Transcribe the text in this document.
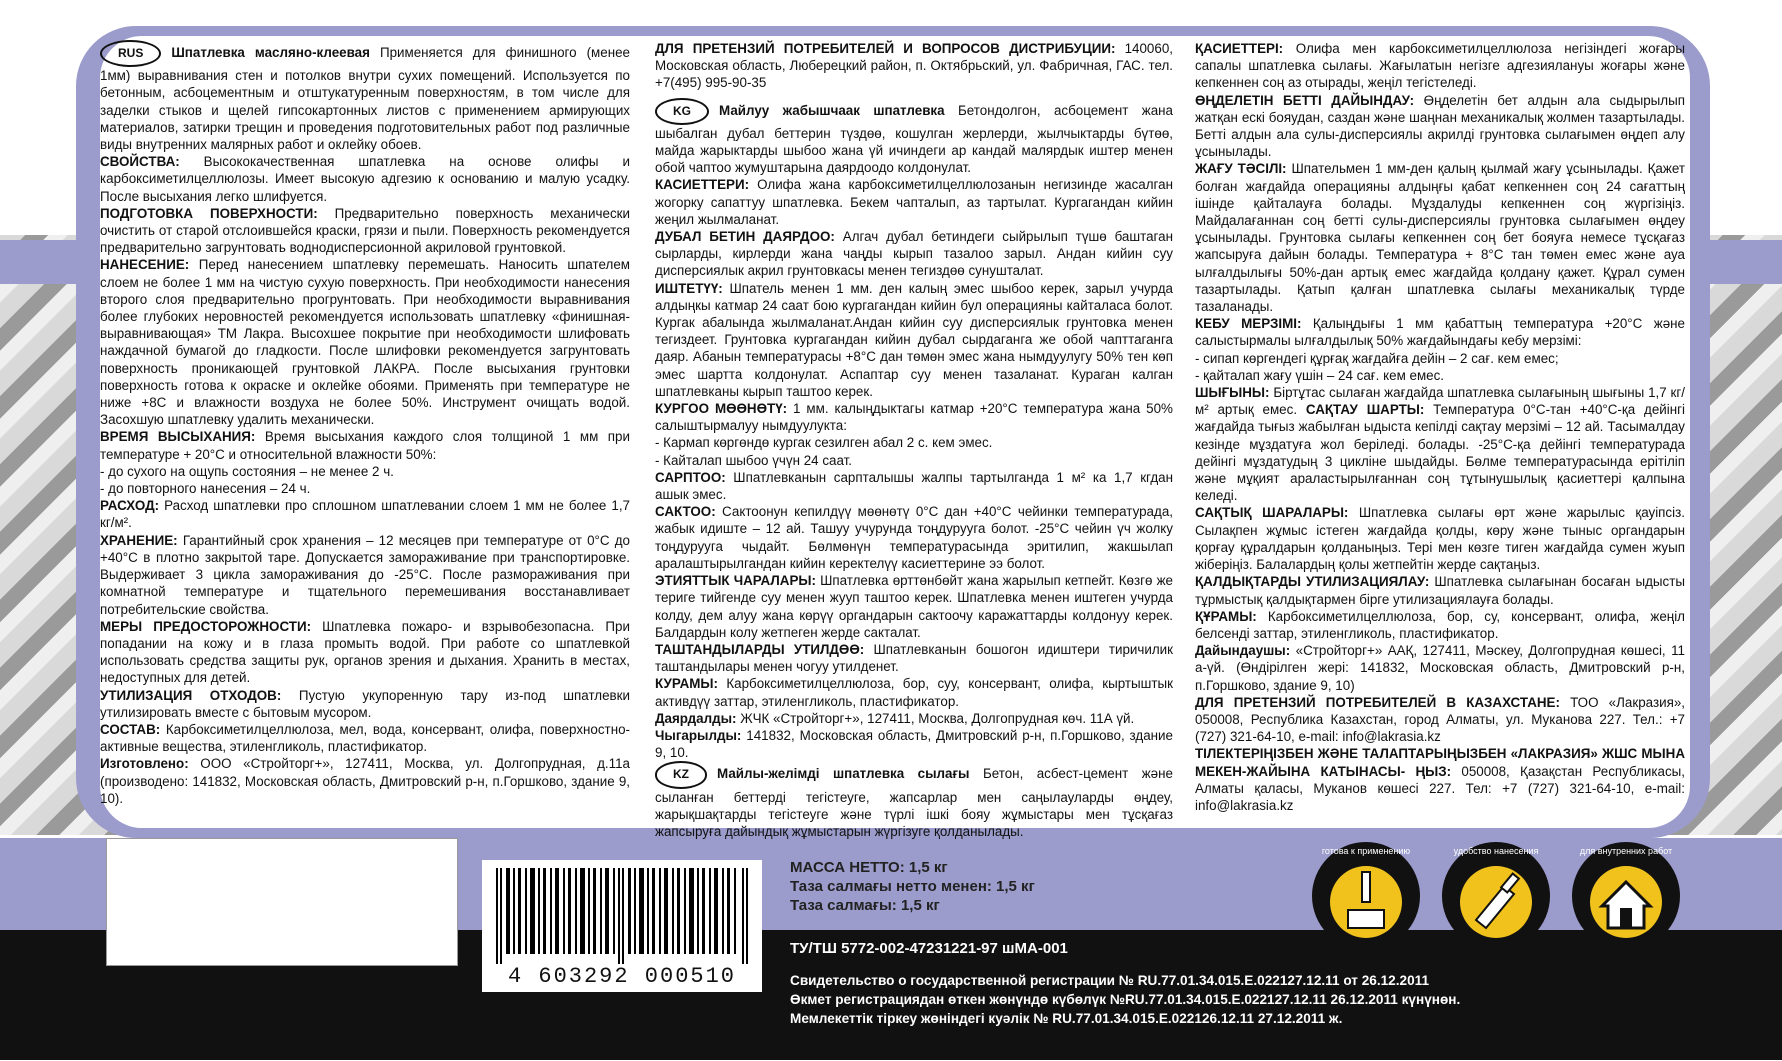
RUS Шпатлевка масляно-клеевая Применяется для финишного (менее 1мм) выравнивания стен и потолков внутри сухих помещений. Используется по бетонным, асбоцементным и отштукатуренным поверхностям, в том числе для заделки стыков и щелей гипсокартонных листов с применением армирующих материалов, затирки трещин и проведения подготовительных работ под различные виды внутренних малярных работ и оклейку обоев.

СВОЙСТВА: Высококачественная шпатлевка на основе олифы и карбоксиметилцеллюлозы. Имеет высокую адгезию к основанию и малую усадку. После высыхания легко шлифуется.

ПОДГОТОВКА ПОВЕРХНОСТИ: Предварительно поверхность механически очистить от старой отслоившейся краски, грязи и пыли. Поверхность рекомендуется предварительно загрунтовать воднодисперсионной акриловой грунтовкой.

НАНЕСЕНИЕ: Перед нанесением шпатлевку перемешать. Наносить шпателем слоем не более 1 мм на чистую сухую поверхность. При необходимости нанесения второго слоя предварительно прогрунтовать. При необходимости выравнивания более глубоких неровностей рекомендуется использовать шпатлевку «финишная-выравнивающая» ТМ Лакра. Высохшее покрытие при необходимости шлифовать наждачной бумагой до гладкости. После шлифовки рекомендуется загрунтовать поверхность проникающей грунтовкой ЛАКРА. После высыхания грунтовки поверхность готова к окраске и оклейке обоями. Применять при температуре не ниже +8С и влажности воздуха не более 50%. Инструмент очищать водой. Засохшую шпатлевку удалить механически.

ВРЕМЯ ВЫСЫХАНИЯ: Время высыхания каждого слоя толщиной 1 мм при температуре + 20°С и относительной влажности 50%:

- до сухого на ощупь состояния – не менее 2 ч.

- до повторного нанесения – 24 ч.

РАСХОД: Расход шпатлевки про сплошном шпатлевании слоем 1 мм не более 1,7 кг/м².

ХРАНЕНИЕ: Гарантийный срок хранения – 12 месяцев при температуре от 0°С до +40°С в плотно закрытой таре. Допускается замораживание при транспортировке. Выдерживает 3 цикла замораживания до -25°С. После размораживания при комнатной температуре и тщательного перемешивания восстанавливает потребительские свойства.

МЕРЫ ПРЕДОСТОРОЖНОСТИ: Шпатлевка пожаро- и взрывобезопасна. При попадании на кожу и в глаза промыть водой. При работе со шпатлевкой использовать средства защиты рук, органов зрения и дыхания. Хранить в местах, недоступных для детей.

УТИЛИЗАЦИЯ ОТХОДОВ: Пустую укупоренную тару из-под шпатлевки утилизировать вместе с бытовым мусором.

СОСТАВ: Карбоксиметилцеллюлоза, мел, вода, консервант, олифа, поверхностно-активные вещества, этиленгликоль, пластификатор.

Изготовлено: ООО «Стройторг+», 127411, Москва, ул. Долгопрудная, д.11а (производено: 141832, Московская область, Дмитровский р-н, п.Горшково, здание 9, 10).

ДЛЯ ПРЕТЕНЗИЙ ПОТРЕБИТЕЛЕЙ И ВОПРОСОВ ДИСТРИБУЦИИ: 140060, Московская область, Люберецкий район, п. Октябрьский, ул. Фабричная, ГАС. тел. +7(495) 995-90-35

KG Майлуу жабышчаак шпатлевка Бетондолгон, асбоцемент жана шыбалган дубал беттерин түздөө, кошулган жерлерди, жылчыктарды бүтөө, майда жарыктарды шыбоо жана үй ичиндеги ар кандай малярдык иштер менен обой чаптоо жумуштарына даярдоодо колдонулат.

КАСИЕТТЕРИ: Олифа жана карбоксиметилцеллюлозанын негизинде жасалган жогорку сапаттуу шпатлевка. Бекем чапталып, аз тартылат. Кургагандан кийин жеңил жылмаланат.

ДУБАЛ БЕТИН ДАЯРДОО: Алгач дубал бетиндеги сыйрылып түшө баштаган сырларды, кирлерди жана чаңды кырып тазалоо зарыл. Андан кийин суу дисперсиялык акрил грунтовкасы менен тегиздөө сунушталат.

ИШТЕТҮҮ: Шпатель менен 1 мм. ден калың эмес шыбоо керек, зарыл учурда алдыңкы катмар 24 саат бою кургагандан кийин бул операцияны кайталаса болот. Кургак абалында жылмаланат.Андан кийин суу дисперсиялык грунтовка менен тегиздеет. Грунтовка кургагандан кийин дубал сырдаганга же обой чапттаганга даяр. Абанын температурасы +8°С дан төмөн эмес жана нымдуулугу 50% тен көп эмес шартта колдонулат. Аспаптар суу менен тазаланат. Кураган калган шпатлевканы кырып таштоо керек.

КУРГОО МӨӨНӨТҮ: 1 мм. калыңдыктагы катмар +20°С температура жана 50% салыштырмалуу нымдуулукта:

- Кармап көргөндө кургак сезилген абал 2 с. кем эмес.

- Кайталап шыбоо үчүн 24 саат.

САРПТОО: Шпатлевканын сарпталышы жалпы тартылганда 1 м² ка 1,7 кгдан ашык эмес.

САКТОО: Сактоонун кепилдүү мөөнөтү 0°С дан +40°С чейинки температурада, жабык идиште – 12 ай. Ташуу учурунда тоңдурууга болот. -25°С чейин үч жолку тоңдурууга чыдайт. Бөлмөнүн температурасында эритилип, жакшылап аралаштырылгандан кийин керектелүү касиеттерине ээ болот.

ЭТИЯТТЫК ЧАРАЛАРЫ: Шпатлевка өрттөнбөйт жана жарылып кетпейт. Көзгө же териге тийгенде суу менен жууп таштоо керек. Шпатлевка менен иштеген учурда колду, дем алуу жана көрүү органдарын сактоочу каражаттарды колдонуу керек. Балдардын колу жетпеген жерде сакталат.

ТАШТАНДЫЛАРДЫ УТИЛДӨӨ: Шпатлевканын бошогон идиштери тиричилик таштандылары менен чогуу утилденет.

КУРАМЫ: Карбоксиметилцеллюлоза, бор, суу, консервант, олифа, кыртыштык активдүү заттар, этиленгликоль, пластификатор.

Даярдалды: ЖЧК «Стройторг+», 127411, Москва, Долгопрудная көч. 11А үй.

Чыгарылды: 141832, Московская область, Дмитровский р-н, п.Горшково, здание 9, 10.

KZ Майлы-желімді шпатлевка сылағы Бетон, асбест-цемент және сыланған беттерді тегістеуге, жапсарлар мен саңылауларды өңдеу, жарықшақтарды тегістеуге және түрлі ішкі бояу жұмыстары мен тұсқағаз жапсыруға дайындық жұмыстарын жүргізуге қолданылады.

ҚАСИЕТТЕРІ: Олифа мен карбоксиметилцеллюлоза негізіндегі жоғары сапалы шпатлевка сылағы. Жағылатын негізге адгезиялануы жоғары және кепкеннен соң аз отырады, жеңіл тегістеледі.

ӨҢДЕЛЕТІН БЕТТІ ДАЙЫНДАУ: Өңделетін бет алдын ала сыдырылып жатқан ескі бояудан, саздан және шаңнан механикалық жолмен тазартылады. Бетті алдын ала сулы-дисперсиялы акрилді грунтовка сылағымен өңдеп алу ұсынылады.

ЖАҒУ ТӘСІЛІ: Шпательмен 1 мм-ден қалың қылмай жағу ұсынылады. Қажет болған жағдайда операцияны алдыңғы қабат кепкеннен соң 24 сағаттың ішінде қайталауға болады. Мұздалуды кепкеннен соң жүргізіңіз. Майдалағаннан соң бетті сулы-дисперсиялы грунтовка сылағымен өңдеу ұсынылады. Грунтовка сылағы кепкеннен соң бет бояуға немесе тұсқағаз жапсыруға дайын болады. Температура + 8°С тан төмен емес және ауа ылғалдылығы 50%-дан артық емес жағдайда қолдану қажет. Құрал сумен тазартылады. Қатып қалған шпатлевка сылағы механикалық түрде тазаланады.

КЕБУ МЕРЗІМІ: Қалыңдығы 1 мм қабаттың температура +20°С және салыстырмалы ылғалдылық 50% жағдайындағы кебу мерзімі:

- сипап көргендегі құрғақ жағдайға дейін – 2 сағ. кем емес;

- қайталап жағу үшін – 24 сағ. кем емес.

ШЫҒЫНЫ: Біртұтас сылаған жағдайда шпатлевка сылағының шығыны 1,7 кг/м² артық емес. САҚТАУ ШАРТЫ: Температура 0°С-тан +40°С-қа дейінгі жағдайда тығыз жабылған ыдыста кепілді сақтау мерзімі – 12 ай. Тасымалдау кезінде мұздатуға жол беріледі. болады. -25°С-қа дейінгі температурада дейінгі мұздатудың 3 цикліне шыдайды. Бөлме температурасында ерітіліп және мұқият араластырылғаннан соң тұтынушылық қасиеттері қалпына келеді.

САҚТЫҚ ШАРАЛАРЫ: Шпатлевка сылағы өрт және жарылыс қауіпсіз. Сылақпен жұмыс істеген жағдайда қолды, көру және тыныс органдарын қорғау құралдарын қолданыңыз. Тері мен көзге тиген жағдайда сумен жуып жіберіңіз. Балалардың қолы жетпейтін жерде сақтаңыз.

ҚАЛДЫҚТАРДЫ УТИЛИЗАЦИЯЛАУ: Шпатлевка сылағынан босаған ыдысты тұрмыстық қалдықтармен бірге утилизациялауға болады.

ҚҰРАМЫ: Карбоксиметилцеллюлоза, бор, су, консервант, олифа, жеңіл белсенді заттар, этиленгликоль, пластификатор.

Дайындаушы: «Стройторг+» ААҚ, 127411, Мәскеу, Долгопрудная көшесі, 11 а-үй. (Өндірілген жері: 141832, Московская область, Дмитровский р-н, п.Горшково, здание 9, 10)

ДЛЯ ПРЕТЕНЗИЙ ПОТРЕБИТЕЛЕЙ В КАЗАХСТАНЕ: ТОО «Лакразия», 050008, Республика Казахстан, город Алматы, ул. Муканова 227. Тел.: +7 (727) 321-64-10, e-mail: info@lakrasia.kz

ТІЛЕКТЕРІҢІЗБЕН ЖӘНЕ ТАЛАПТАРЫҢЫЗБЕН «ЛАКРАЗИЯ» ЖШС МЫНА МЕКЕН-ЖАЙЫНА КАТЫНАСЫ- ҢЫЗ: 050008, Қазақстан Республикасы, Алматы қаласы, Муканов көшесі 227. Тел: +7 (727) 321-64-10, e-mail: info@lakrasia.kz

4 603292 000510
МАССА НЕТТО: 1,5 кг
Таза салмағы нетто менен: 1,5 кг
Таза салмағы: 1,5 кг
ТУ/ТШ 5772-002-47231221-97 шМА-001
Свидетельство о государственной регистрации № RU.77.01.34.015.Е.022127.12.11 от 26.12.2011
Өкмет регистрациядан өткен жөнүндө күбөлүк №RU.77.01.34.015.Е.022127.12.11 26.12.2011 күнүнөн.
Мемлекеттік тіркеу жөніндегі куәлік № RU.77.01.34.015.Е.022126.12.11 27.12.2011 ж.
готова к применению	удобство нанесения	для внутренних работ
